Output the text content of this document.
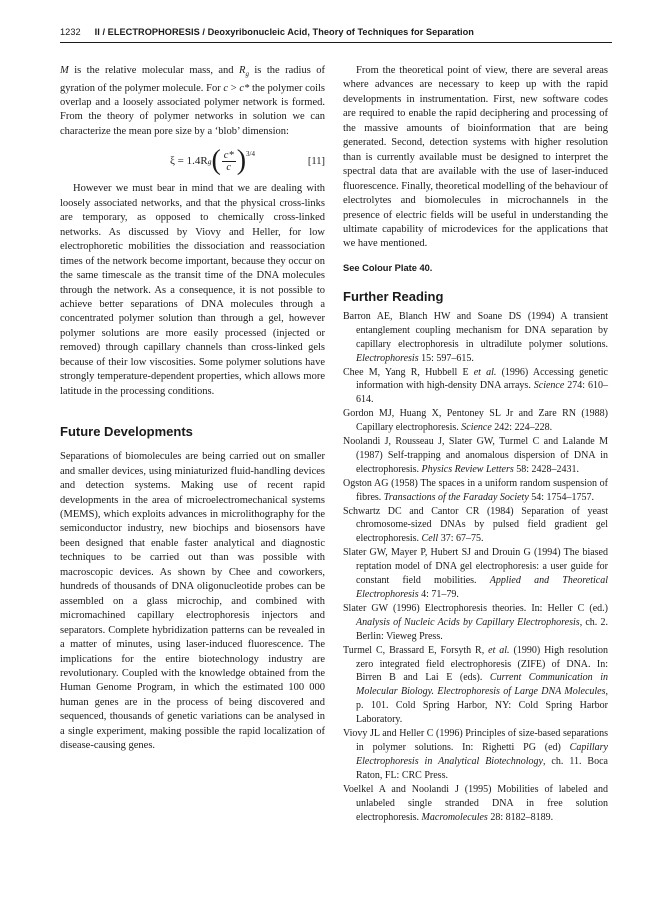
1232 II / ELECTROPHORESIS / Deoxyribonucleic Acid, Theory of Techniques for Separation

M is the relative molecular mass, and $R_g$ is the radius of gyration of the polymer molecule. For c > c* the polymer coils overlap and a loosely associated polymer network is formed. From the theory of polymer networks in solution we can characterize the mean pore size by a ‘blob’ dimension:

ξ = 1.4R g ( $\frac{c*}{c}$ ) 3/4
[11]

However we must bear in mind that we are dealing with loosely associated networks, and that the physical cross-links are temporary, as opposed to chemically cross-linked networks. As discussed by Viovy and Heller, for low electrophoretic mobilities the dissociation and reassociation times of the network become important, because they occur on the same timescale as the transit time of the DNA molecules through the network. As a consequence, it is not possible to achieve better separations of DNA molecules through a concentrated polymer solution than through a gel, however polymer solutions are more easily processed (injected or removed) through capillary channels than cross-linked gels because of their low viscosities. Some polymer solutions have strongly temperature-dependent properties, which allows more latitude in the processing conditions.

Future Developments

Separations of biomolecules are being carried out on smaller and smaller devices, using miniaturized fluid-handling devices and detection systems. Making use of recent rapid developments in the area of microelectromechanical systems (MEMS), which exploits advances in microlithography for the semiconductor industry, new biochips and biosensors have been designed that enable faster analytical and diagnostic techniques to be carried out than was possible with macroscopic devices. As shown by Chee and coworkers, hundreds of thousands of DNA oligonucleotide probes can be assembled on a glass microchip, and combined with micromachined capillary electrophoresis injectors and separators. Complete hybridization patterns can be revealed in a matter of minutes, using laser-induced fluorescence. The implications for the entire biotechnology industry are revolutionary. Coupled with the knowledge obtained from the Human Genome Program, in which the estimated 100 000 human genes are in the process of being discovered and sequenced, thousands of genetic variations can be analysed in a single experiment, making possible the rapid localization of disease-causing genes.

From the theoretical point of view, there are several areas where advances are necessary to keep up with the rapid developments in instrumentation. First, new software codes are required to enable the rapid deciphering and processing of the massive amounts of bioinformation that are being generated. Second, detection systems with higher resolution than is currently available must be designed to interpret the spectral data that are available with the use of laser-induced fluorescence. Finally, theoretical modelling of the behaviour of electrolytes and biomolecules in microchannels in the presence of electric fields will be useful in understanding the ultimate capability of microdevices for the applications that we have mentioned.

See Colour Plate 40.
Further Reading

Barron AE, Blanch HW and Soane DS (1994) A transient entanglement coupling mechanism for DNA separation by capillary electrophoresis in ultradilute polymer solutions. Electrophoresis 15: 597–615.

Chee M, Yang R, Hubbell E et al. (1996) Accessing genetic information with high-density DNA arrays. Science 274: 610–614.

Gordon MJ, Huang X, Pentoney SL Jr and Zare RN (1988) Capillary electrophoresis. Science 242: 224–228.

Noolandi J, Rousseau J, Slater GW, Turmel C and Lalande M (1987) Self-trapping and anomalous dispersion of DNA in electrophoresis. Physics Review Letters 58: 2428–2431.

Ogston AG (1958) The spaces in a uniform random suspension of fibres. Transactions of the Faraday Society 54: 1754–1757.

Schwartz DC and Cantor CR (1984) Separation of yeast chromosome-sized DNAs by pulsed field gradient gel electrophoresis. Cell 37: 67–75.

Slater GW, Mayer P, Hubert SJ and Drouin G (1994) The biased reptation model of DNA gel electrophoresis: a user guide for constant field mobilities. Applied and Theoretical Electrophoresis 4: 71–79.

Slater GW (1996) Electrophoresis theories. In: Heller C (ed.) Analysis of Nucleic Acids by Capillary Electrophoresis, ch. 2. Berlin: Vieweg Press.

Turmel C, Brassard E, Forsyth R, et al. (1990) High resolution zero integrated field electrophoresis (ZIFE) of DNA. In: Birren B and Lai E (eds). Current Communication in Molecular Biology. Electrophoresis of Large DNA Molecules, p. 101. Cold Spring Harbor, NY: Cold Spring Harbor Laboratory.

Viovy JL and Heller C (1996) Principles of size-based separations in polymer solutions. In: Righetti PG (ed) Capillary Electrophoresis in Analytical Biotechnology, ch. 11. Boca Raton, FL: CRC Press.

Voelkel A and Noolandi J (1995) Mobilities of labeled and unlabeled single stranded DNA in free solution electrophoresis. Macromolecules 28: 8182–8189.
